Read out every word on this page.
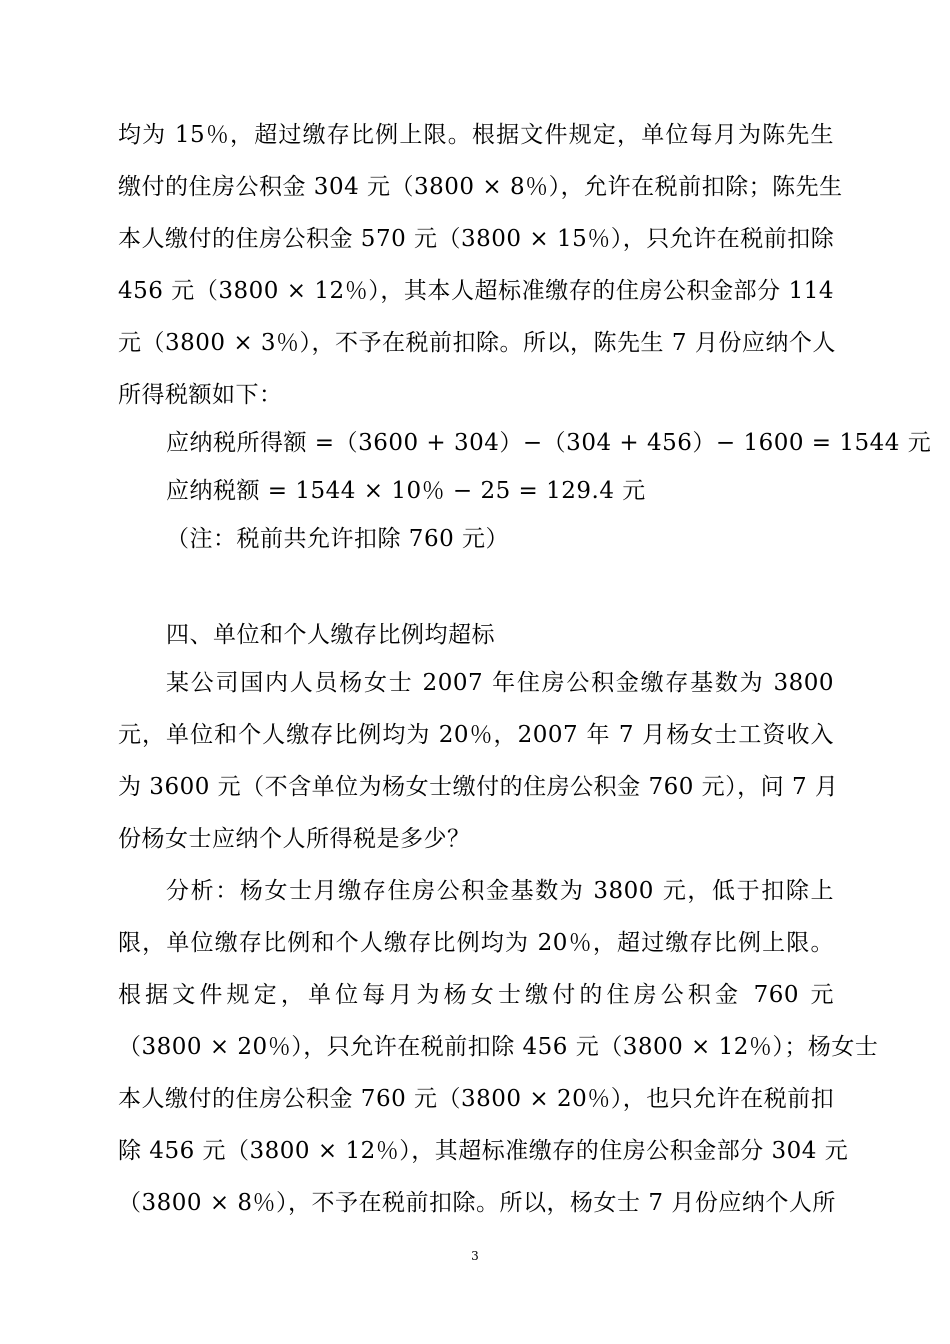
均为 15％，超过缴存比例上限。根据文件规定，单位每月为陈先生
缴付的住房公积金 304 元（3800 × 8％），允许在税前扣除；陈先生
本人缴付的住房公积金 570 元（3800 × 15％），只允许在税前扣除
456 元（3800 × 12％），其本人超标准缴存的住房公积金部分 114
元（3800 × 3％），不予在税前扣除。所以，陈先生 7 月份应纳个人
所得税额如下：
应纳税所得额 =（3600 + 304）−（304 + 456）− 1600 = 1544 元
应纳税额 = 1544 × 10％ − 25 = 129.4 元
（注：税前共允许扣除 760 元）
四、单位和个人缴存比例均超标
某公司国内人员杨女士 2007 年住房公积金缴存基数为 3800
元，单位和个人缴存比例均为 20％，2007 年 7 月杨女士工资收入
为 3600 元（不含单位为杨女士缴付的住房公积金 760 元），问 7 月
份杨女士应纳个人所得税是多少？
分析：杨女士月缴存住房公积金基数为 3800 元，低于扣除上
限，单位缴存比例和个人缴存比例均为 20％，超过缴存比例上限。
根据文件规定，单位每月为杨女士缴付的住房公积金 760 元
（3800 × 20％），只允许在税前扣除 456 元（3800 × 12％）；杨女士
本人缴付的住房公积金 760 元（3800 × 20％），也只允许在税前扣
除 456 元（3800 × 12％），其超标准缴存的住房公积金部分 304 元
（3800 × 8％），不予在税前扣除。所以，杨女士 7 月份应纳个人所
3
